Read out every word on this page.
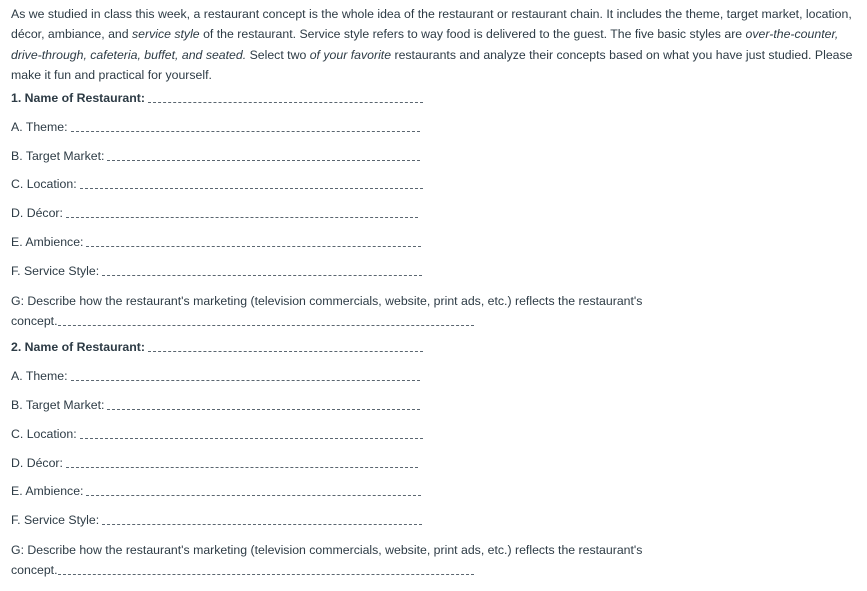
As we studied in class this week, a restaurant concept is the whole idea of the restaurant or restaurant chain. It includes the theme, target market, location, décor, ambiance, and service style of the restaurant. Service style refers to way food is delivered to the guest. The five basic styles are over-the-counter, drive-through, cafeteria, buffet, and seated. Select two of your favorite restaurants and analyze their concepts based on what you have just studied. Please make it fun and practical for yourself.

1. Name of Restaurant:
A. Theme:
B. Target Market:
C. Location:
D. Décor:
E. Ambience:
F. Service Style:
G: Describe how the restaurant's marketing (television commercials, website, print ads, etc.) reflects the restaurant's
concept.
2. Name of Restaurant:
A. Theme:
B. Target Market:
C. Location:
D. Décor:
E. Ambience:
F. Service Style:
G: Describe how the restaurant's marketing (television commercials, website, print ads, etc.) reflects the restaurant's
concept.
